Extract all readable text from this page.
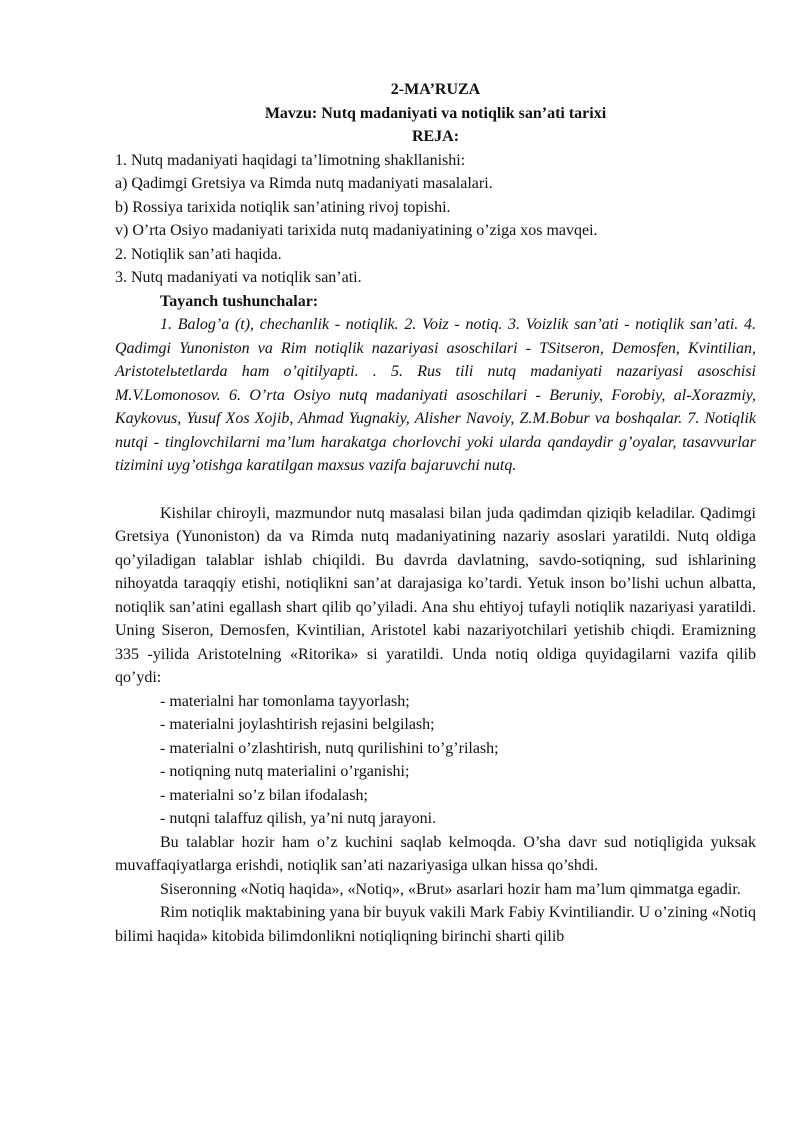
2-MA’RUZA
Mavzu: Nutq madaniyati va notiqlik san’ati tarixi
REJA:

1. Nutq madaniyati haqidagi ta’limotning shakllanishi:

a) Qadimgi Gretsiya va Rimda nutq madaniyati masalalari.

b) Rossiya tarixida notiqlik san’atining rivoj topishi.

v) O’rta Osiyo madaniyati tarixida nutq madaniyatining o’ziga xos mavqei.

2. Notiqlik san’ati haqida.

3. Nutq madaniyati va notiqlik san’ati.

Tayanch tushunchalar:

1. Balog’a (t), chechanlik - notiqlik. 2. Voiz - notiq. 3. Voizlik san’ati - notiqlik san’ati. 4. Qadimgi Yunoniston va Rim notiqlik nazariyasi asoschilari - TSitseron, Demosfen, Kvintilian, Aristotelьtetlarda ham o’qitilyapti. . 5. Rus tili nutq madaniyati nazariyasi asoschisi M.V.Lomonosov. 6. O’rta Osiyo nutq madaniyati asoschilari - Beruniy, Forobiy, al-Xorazmiy, Kaykovus, Yusuf Xos Xojib, Ahmad Yugnakiy, Alisher Navoiy, Z.M.Bobur va boshqalar. 7. Notiqlik nutqi - tinglovchilarni ma’lum harakatga chorlovchi yoki ularda qandaydir g’oyalar, tasavvurlar tizimini uyg’otishga karatilgan maxsus vazifa bajaruvchi nutq.

Kishilar chiroyli, mazmundor nutq masalasi bilan juda qadimdan qiziqib keladilar. Qadimgi Gretsiya (Yunoniston) da va Rimda nutq madaniyatining nazariy asoslari yaratildi. Nutq oldiga qo’yiladigan talablar ishlab chiqildi. Bu davrda davlatning, savdo-sotiqning, sud ishlarining nihoyatda taraqqiy etishi, notiqlikni san’at darajasiga ko’tardi. Yetuk inson bo’lishi uchun albatta, notiqlik san’atini egallash shart qilib qo’yiladi. Ana shu ehtiyoj tufayli notiqlik nazariyasi yaratildi. Uning Siseron, Demosfen, Kvintilian, Aristotel kabi nazariyotchilari yetishib chiqdi. Eramizning 335 -yilida Aristotelning «Ritorika» si yaratildi. Unda notiq oldiga quyidagilarni vazifa qilib qo’ydi:

- materialni har tomonlama tayyorlash;

- materialni joylashtirish rejasini belgilash;

- materialni o’zlashtirish, nutq qurilishini to’g’rilash;

- notiqning nutq materialini o’rganishi;

- materialni so’z bilan ifodalash;

- nutqni talaffuz qilish, ya’ni nutq jarayoni.

Bu talablar hozir ham o’z kuchini saqlab kelmoqda. O’sha davr sud notiqligida yuksak muvaffaqiyatlarga erishdi, notiqlik san’ati nazariyasiga ulkan hissa qo’shdi.

Siseronning «Notiq haqida», «Notiq», «Brut» asarlari hozir ham ma’lum qimmatga egadir.

Rim notiqlik maktabining yana bir buyuk vakili Mark Fabiy Kvintiliandir. U o’zining «Notiq bilimi haqida» kitobida bilimdonlikni notiqliqning birinchi sharti qilib
